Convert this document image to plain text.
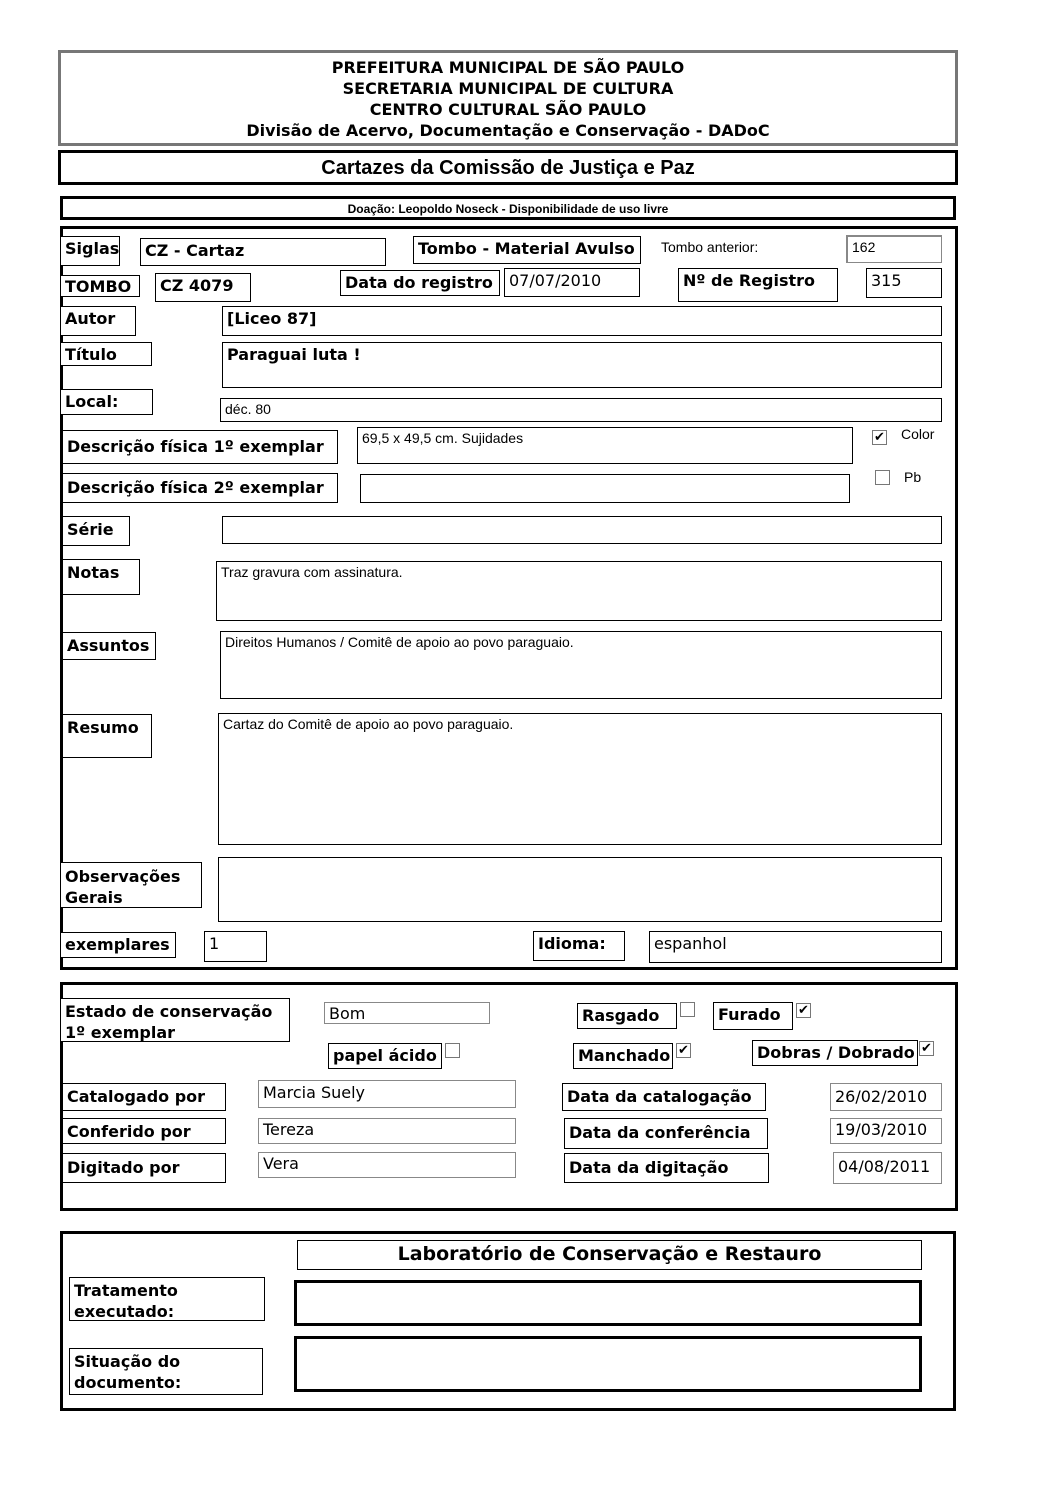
PREFEITURA MUNICIPAL DE SÃO PAULO
SECRETARIA MUNICIPAL DE CULTURA
CENTRO CULTURAL SÃO PAULO
Divisão de Acervo, Documentação e Conservação - DADoC
Cartazes da Comissão de Justiça e Paz
Doação: Leopoldo Noseck - Disponibilidade de uso livre
Siglas	CZ - Cartaz	Tombo - Material Avulso	Tombo anterior:	162
TOMBO	CZ 4079	Data do registro	07/07/2010	Nº de Registro	315
Autor	[Liceo 87]
Título	Paraguai luta !
Local:	déc. 80
Descrição física 1º exemplar	69,5 x 49,5 cm. Sujidades	✔ Color
Descrição física 2º exemplar
Pb
Série
Notas	Traz gravura com assinatura.
Assuntos	Direitos Humanos / Comitê de apoio ao povo paraguaio.
Resumo	Cartaz do Comitê de apoio ao povo paraguaio.
Observações
Gerais
exemplares	1	Idioma:	espanhol
Estado de conservação
1º exemplar
Bom	Rasgado	Furado	✔
papel ácido	Manchado ✔	Dobras / Dobrado ✔
Catalogado por	Marcia Suely	Data da catalogação	26/02/2010
Conferido por	Tereza	Data da conferência	19/03/2010
Digitado por	Vera	Data da digitação	04/08/2011
Laboratório de Conservação e Restauro
Tratamento
executado:
Situação do
documento:
